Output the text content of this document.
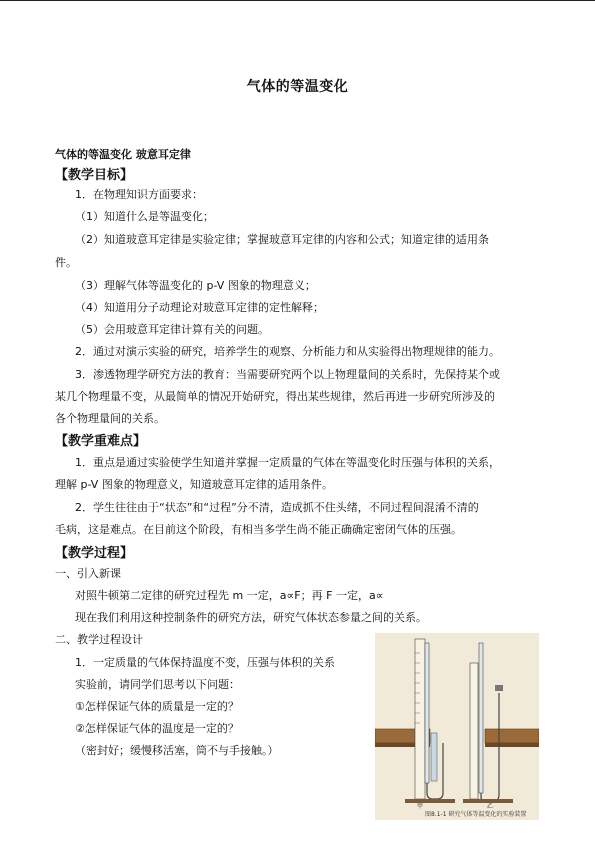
气体的等温变化
气体的等温变化 玻意耳定律
【教学目标】
1．在物理知识方面要求：
（1）知道什么是等温变化；
（2）知道玻意耳定律是实验定律；掌握玻意耳定律的内容和公式；知道定律的适用条
件。
（3）理解气体等温变化的 p-V 图象的物理意义；
（4）知道用分子动理论对玻意耳定律的定性解释；
（5）会用玻意耳定律计算有关的问题。
2．通过对演示实验的研究，培养学生的观察、分析能力和从实验得出物理规律的能力。
3．渗透物理学研究方法的教育：当需要研究两个以上物理量间的关系时，先保持某个或
某几个物理量不变，从最简单的情况开始研究，得出某些规律，然后再进一步研究所涉及的
各个物理量间的关系。
【教学重难点】
1．重点是通过实验使学生知道并掌握一定质量的气体在等温变化时压强与体积的关系，
理解 p-V 图象的物理意义，知道玻意耳定律的适用条件。
2．学生往往由于“状态”和“过程”分不清，造成抓不住头绪，不同过程间混淆不清的
毛病，这是难点。在目前这个阶段，有相当多学生尚不能正确确定密闭气体的压强。
【教学过程】
一、引入新课
对照牛顿第二定律的研究过程先 m 一定，a∝F；再 F 一定，a∝
现在我们利用这种控制条件的研究方法，研究气体状态参量之间的关系。
二、教学过程设计
1．一定质量的气体保持温度不变，压强与体积的关系
实验前，请同学们思考以下问题：
①怎样保证气体的质量是一定的？
②怎样保证气体的温度是一定的？
（密封好；缓慢移活塞，筒不与手接触。）
甲	乙
图8.1-1 研究气体等温变化的实验装置
